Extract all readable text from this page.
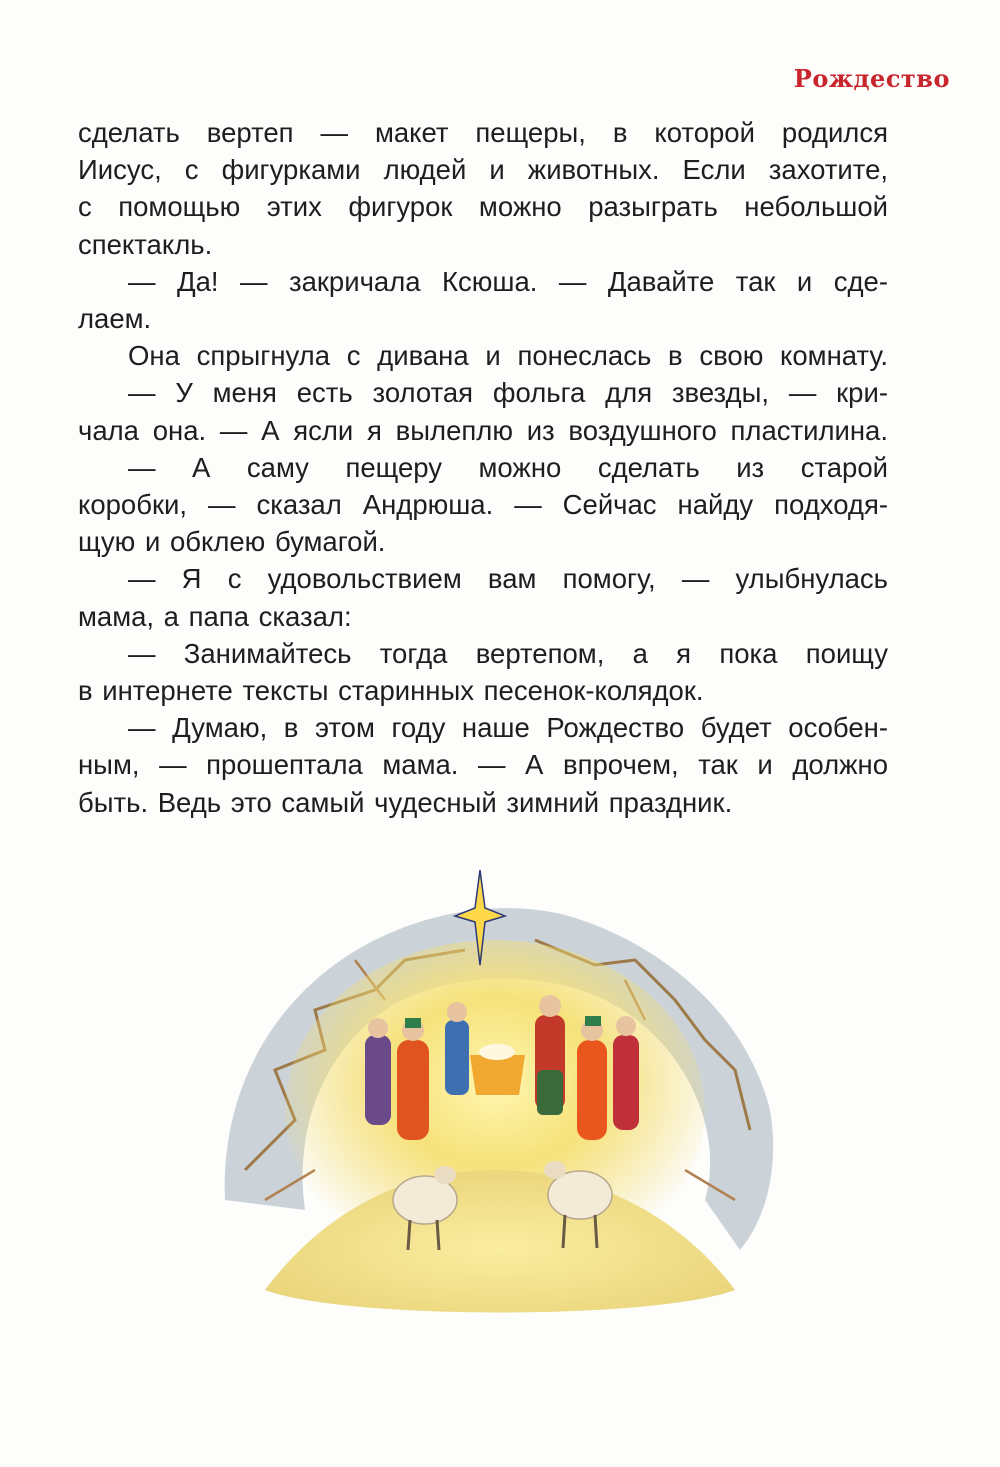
Рождество

сделать вертеп — макет пещеры, в которой родился
Иисус, с фигурками людей и животных. Если захотите,
с помощью этих фигурок можно разыграть небольшой
спектакль.

— Да! — закричала Ксюша. — Давайте так и сде-
лаем.

Она спрыгнула с дивана и понеслась в свою комнату.

— У меня есть золотая фольга для звезды, — кри-
чала она. — А ясли я вылеплю из воздушного пластилина.

— А саму пещеру можно сделать из старой
коробки, — сказал Андрюша. — Сейчас найду подходя-
щую и обклею бумагой.

— Я с удовольствием вам помогу, — улыбнулась
мама, а папа сказал:

— Занимайтесь тогда вертепом, а я пока поищу
в интернете тексты старинных песенок-колядок.

— Думаю, в этом году наше Рождество будет особен-
ным, — прошептала мама. — А впрочем, так и должно
быть. Ведь это самый чудесный зимний праздник.
